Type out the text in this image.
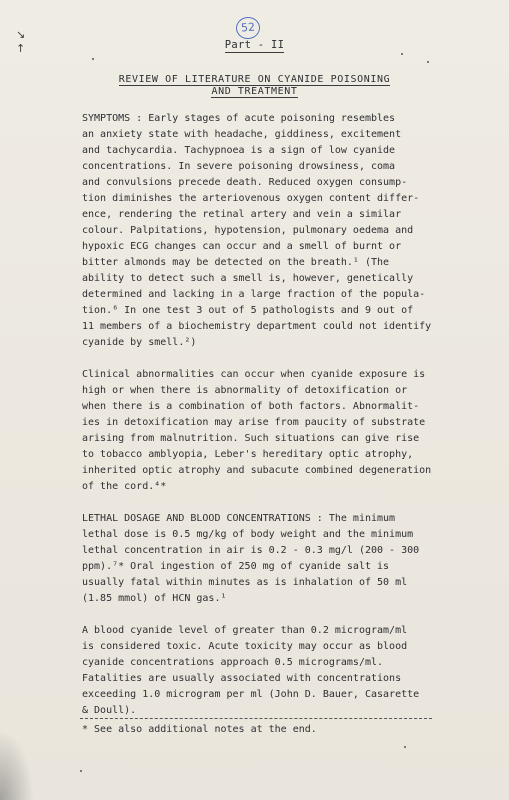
↘
↑
52
Part - II
REVIEW OF LITERATURE ON CYANIDE POISONING
AND TREATMENT

SYMPTOMS : Early stages of acute poisoning resembles
an anxiety state with headache, giddiness, excitement
and tachycardia. Tachypnoea is a sign of low cyanide
concentrations. In severe poisoning drowsiness, coma
and convulsions precede death. Reduced oxygen consump-
tion diminishes the arteriovenous oxygen content differ-
ence, rendering the retinal artery and vein a similar
colour. Palpitations, hypotension, pulmonary oedema and
hypoxic ECG changes can occur and a smell of burnt or
bitter almonds may be detected on the breath.¹ (The
ability to detect such a smell is, however, genetically
determined and lacking in a large fraction of the popula-
tion.⁶ In one test 3 out of 5 pathologists and 9 out of
11 members of a biochemistry department could not identify
cyanide by smell.²)

Clinical abnormalities can occur when cyanide exposure is
high or when there is abnormality of detoxification or
when there is a combination of both factors. Abnormalit-
ies in detoxification may arise from paucity of substrate
arising from malnutrition. Such situations can give rise
to tobacco amblyopia, Leber's hereditary optic atrophy,
inherited optic atrophy and subacute combined degeneration
of the cord.⁴*

LETHAL DOSAGE AND BLOOD CONCENTRATIONS : The minimum
lethal dose is 0.5 mg/kg of body weight and the minimum
lethal concentration in air is 0.2 - 0.3 mg/l (200 - 300
ppm).⁷* Oral ingestion of 250 mg of cyanide salt is
usually fatal within minutes as is inhalation of 50 ml
(1.85 mmol) of HCN gas.¹

A blood cyanide level of greater than 0.2 microgram/ml
is considered toxic. Acute toxicity may occur as blood
cyanide concentrations approach 0.5 micrograms/ml.
Fatalities are usually associated with concentrations
exceeding 1.0 microgram per ml (John D. Bauer, Casarette
& Doull).

* See also additional notes at the end.
